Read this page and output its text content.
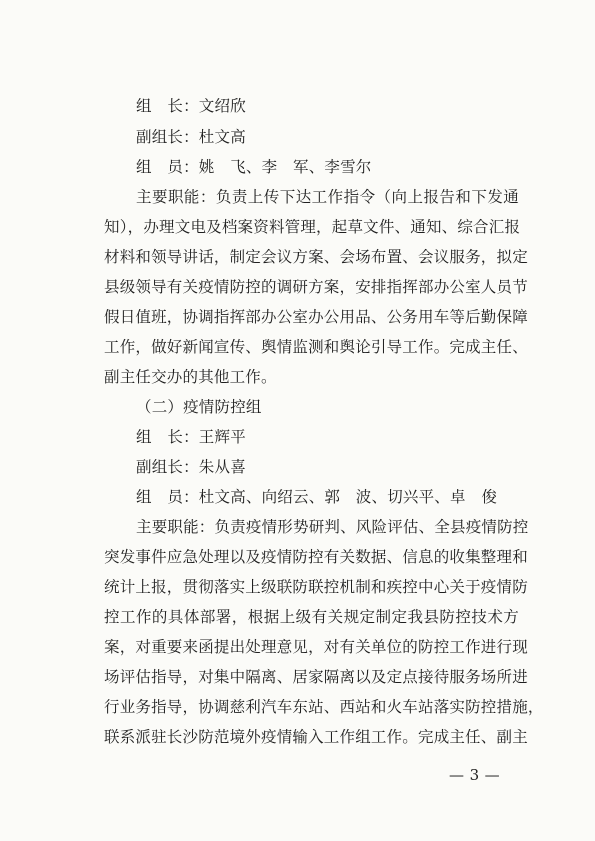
组　长：文绍欣
副组长：杜文高
组　员：姚　飞、李　军、李雪尔
主要职能：负责上传下达工作指令（向上报告和下发通
知），办理文电及档案资料管理，起草文件、通知、综合汇报
材料和领导讲话，制定会议方案、会场布置、会议服务，拟定
县级领导有关疫情防控的调研方案，安排指挥部办公室人员节
假日值班，协调指挥部办公室办公用品、公务用车等后勤保障
工作，做好新闻宣传、舆情监测和舆论引导工作。完成主任、
副主任交办的其他工作。
（二）疫情防控组
组　长：王辉平
副组长：朱从喜
组　员：杜文高、向绍云、郭　波、切兴平、卓　俊
主要职能：负责疫情形势研判、风险评估、全县疫情防控
突发事件应急处理以及疫情防控有关数据、信息的收集整理和
统计上报，贯彻落实上级联防联控机制和疾控中心关于疫情防
控工作的具体部署，根据上级有关规定制定我县防控技术方
案，对重要来函提出处理意见，对有关单位的防控工作进行现
场评估指导，对集中隔离、居家隔离以及定点接待服务场所进
行业务指导，协调慈利汽车东站、西站和火车站落实防控措施，
联系派驻长沙防范境外疫情输入工作组工作。完成主任、副主
— 3 —
